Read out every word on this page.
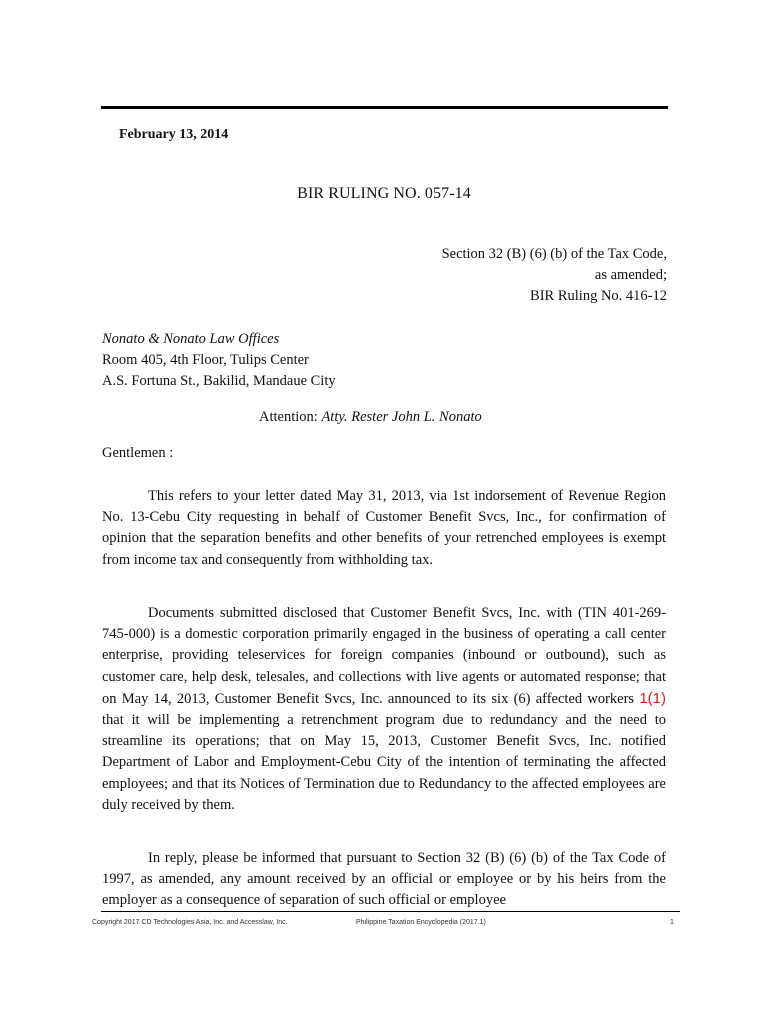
February 13, 2014
BIR RULING NO. 057-14
Section 32 (B) (6) (b) of the Tax Code,
as amended;
BIR Ruling No. 416-12
Nonato & Nonato Law Offices
Room 405, 4th Floor, Tulips Center
A.S. Fortuna St., Bakilid, Mandaue City
Attention: Atty. Rester John L. Nonato
Gentlemen :

This refers to your letter dated May 31, 2013, via 1st indorsement of Revenue Region No. 13-Cebu City requesting in behalf of Customer Benefit Svcs, Inc., for confirmation of opinion that the separation benefits and other benefits of your retrenched employees is exempt from income tax and consequently from withholding tax.

Documents submitted disclosed that Customer Benefit Svcs, Inc. with (TIN 401-269-745-000) is a domestic corporation primarily engaged in the business of operating a call center enterprise, providing teleservices for foreign companies (inbound or outbound), such as customer care, help desk, telesales, and collections with live agents or automated response; that on May 14, 2013, Customer Benefit Svcs, Inc. announced to its six (6) affected workers 1(1) that it will be implementing a retrenchment program due to redundancy and the need to streamline its operations; that on May 15, 2013, Customer Benefit Svcs, Inc. notified Department of Labor and Employment-Cebu City of the intention of terminating the affected employees; and that its Notices of Termination due to Redundancy to the affected employees are duly received by them.

In reply, please be informed that pursuant to Section 32 (B) (6) (b) of the Tax Code of 1997, as amended, any amount received by an official or employee or by his heirs from the employer as a consequence of separation of such official or employee

Copyright 2017 CD Technologies Asia, Inc. and Accesslaw, Inc.	Philippine Taxation Encyclopedia (2017.1)	1
